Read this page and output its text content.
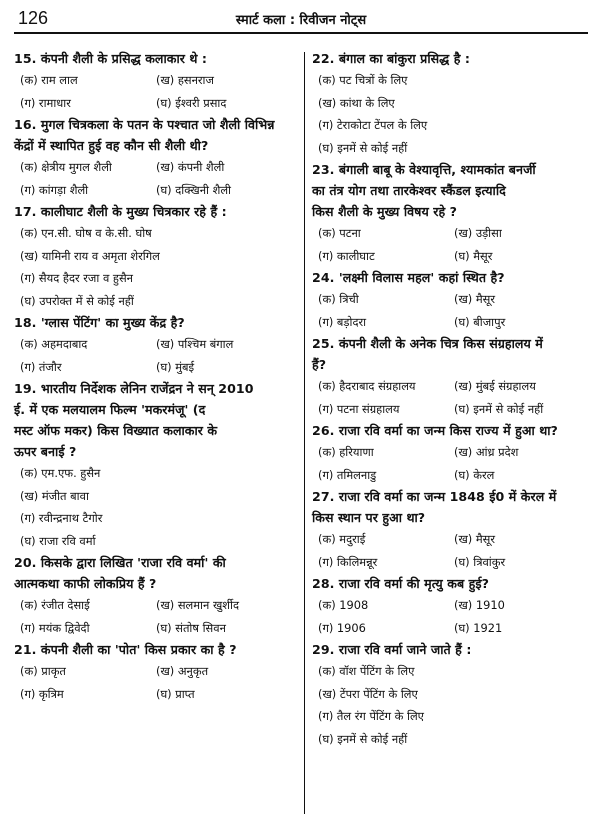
126	स्मार्ट कला : रिवीजन नोट्स
15. कंपनी शैली के प्रसिद्ध कलाकार थे :
(क) राम लाल	(ख) हसनराज
(ग) रामाधार	(घ) ईश्वरी प्रसाद
16. मुगल चित्रकला के पतन के पश्चात जो शैली विभिन्न
केंद्रों में स्थापित हुई वह कौन सी शैली थी?
(क) क्षेत्रीय मुगल शैली	(ख) कंपनी शैली
(ग) कांगड़ा शैली	(घ) दक्खिनी शैली
17. कालीघाट शैली के मुख्य चित्रकार रहे हैं :
(क) एन.सी. घोष व के.सी. घोष
(ख) यामिनी राय व अमृता शेरगिल
(ग) सैयद हैदर रजा व हुसैन
(घ) उपरोक्त में से कोई नहीं
18. 'ग्लास पेंटिंग' का मुख्य केंद्र है?
(क) अहमदाबाद	(ख) पश्चिम बंगाल
(ग) तंजौर	(घ) मुंबई
19. भारतीय निर्देशक लेनिन राजेंद्रन ने सन् 2010
ई. में एक मलयालम फिल्म 'मकरमंजू' (द
मस्ट ऑफ मकर) किस विख्यात कलाकार के
ऊपर बनाई ?
(क) एम.एफ. हुसैन
(ख) मंजीत बावा
(ग) रवीन्द्रनाथ टैगोर
(घ) राजा रवि वर्मा
20. किसके द्वारा लिखित 'राजा रवि वर्मा' की
आत्मकथा काफी लोकप्रिय हैं ?
(क) रंजीत देसाई	(ख) सलमान खुर्शीद
(ग) मयंक द्विवेदी	(घ) संतोष सिवन
21. कंपनी शैली का 'पोत' किस प्रकार का है ?
(क) प्राकृत	(ख) अनुकृत
(ग) कृत्रिम	(घ) प्राप्त
22. बंगाल का बांकुरा प्रसिद्ध है :
(क) पट चित्रों के लिए
(ख) कांथा के लिए
(ग) टेराकोटा टेंपल के लिए
(घ) इनमें से कोई नहीं
23. बंगाली बाबू के वेश्यावृत्ति, श्यामकांत बनर्जी
का तंत्र योग तथा तारकेश्वर स्कैंडल इत्यादि
किस शैली के मुख्य विषय रहे ?
(क) पटना	(ख) उड़ीसा
(ग) कालीघाट	(घ) मैसूर
24. 'लक्ष्मी विलास महल' कहां स्थित है?
(क) त्रिची	(ख) मैसूर
(ग) बड़ोदरा	(घ) बीजापुर
25. कंपनी शैली के अनेक चित्र किस संग्रहालय में
हैं?
(क) हैदराबाद संग्रहालय	(ख) मुंबई संग्रहालय
(ग) पटना संग्रहालय	(घ) इनमें से कोई नहीं
26. राजा रवि वर्मा का जन्म किस राज्य में हुआ था?
(क) हरियाणा	(ख) आंध्र प्रदेश
(ग) तमिलनाडु	(घ) केरल
27. राजा रवि वर्मा का जन्म 1848 ई0 में केरल में
किस स्थान पर हुआ था?
(क) मदुराई	(ख) मैसूर
(ग) किलिमन्नूर	(घ) त्रिवांकुर
28. राजा रवि वर्मा की मृत्यु कब हुई?
(क) 1908	(ख) 1910
(ग) 1906	(घ) 1921
29. राजा रवि वर्मा जाने जाते हैं :
(क) वॉश पेंटिंग के लिए
(ख) टेंपरा पेंटिंग के लिए
(ग) तैल रंग पेंटिंग के लिए
(घ) इनमें से कोई नहीं
